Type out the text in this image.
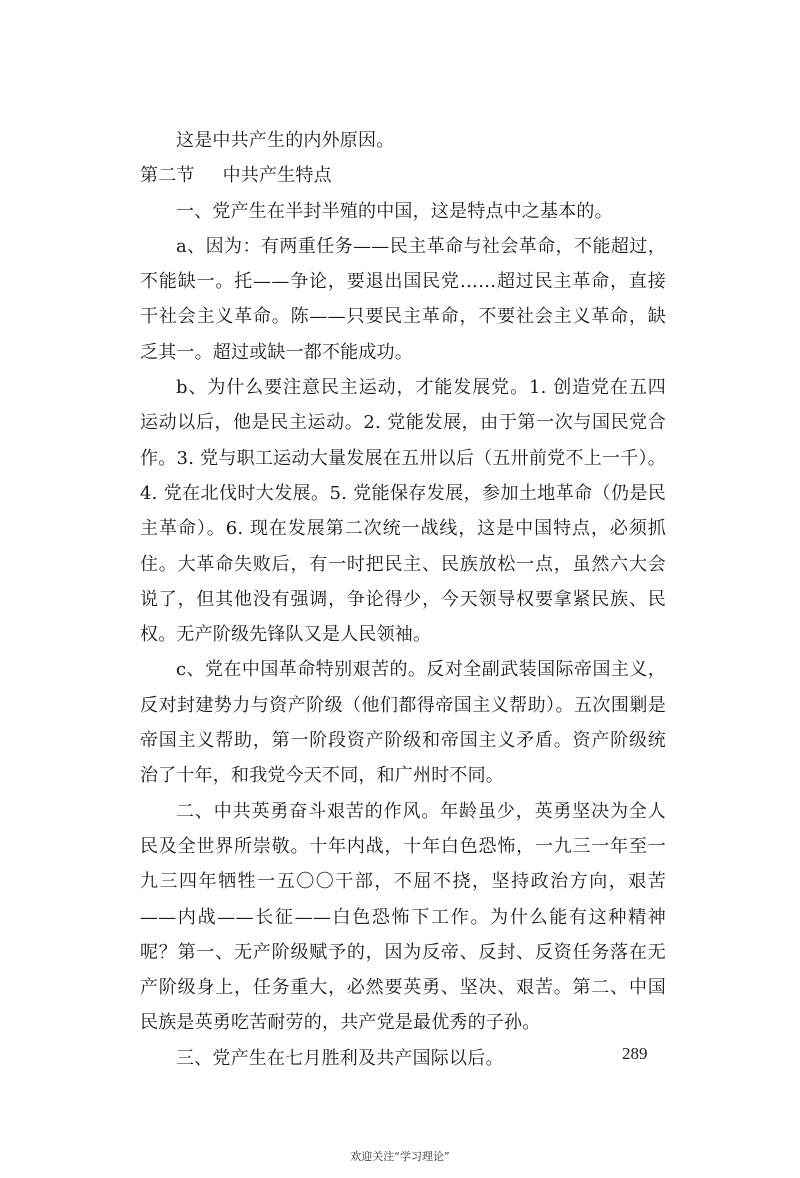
这是中共产生的内外原因。

第二节 中共产生特点

一、党产生在半封半殖的中国，这是特点中之基本的。

a、因为：有两重任务——民主革命与社会革命，不能超过，不能缺一。托——争论，要退出国民党……超过民主革命，直接干社会主义革命。陈——只要民主革命，不要社会主义革命，缺乏其一。超过或缺一都不能成功。

b、为什么要注意民主运动，才能发展党。1. 创造党在五四运动以后，他是民主运动。2. 党能发展，由于第一次与国民党合作。3. 党与职工运动大量发展在五卅以后（五卅前党不上一千）。4. 党在北伐时大发展。5. 党能保存发展，参加土地革命（仍是民主革命）。6. 现在发展第二次统一战线，这是中国特点，必须抓住。大革命失败后，有一时把民主、民族放松一点，虽然六大会说了，但其他没有强调，争论得少，今天领导权要拿紧民族、民权。无产阶级先锋队又是人民领袖。

c、党在中国革命特别艰苦的。反对全副武装国际帝国主义，反对封建势力与资产阶级（他们都得帝国主义帮助）。五次围剿是帝国主义帮助，第一阶段资产阶级和帝国主义矛盾。资产阶级统治了十年，和我党今天不同，和广州时不同。

二、中共英勇奋斗艰苦的作风。年龄虽少，英勇坚决为全人民及全世界所崇敬。十年内战，十年白色恐怖，一九三一年至一九三四年牺牲一五〇〇干部，不屈不挠，坚持政治方向，艰苦——内战——长征——白色恐怖下工作。为什么能有这种精神呢？第一、无产阶级赋予的，因为反帝、反封、反资任务落在无产阶级身上，任务重大，必然要英勇、坚决、艰苦。第二、中国民族是英勇吃苦耐劳的，共产党是最优秀的子孙。

三、党产生在七月胜利及共产国际以后。	289
欢迎关注“学习理论”
